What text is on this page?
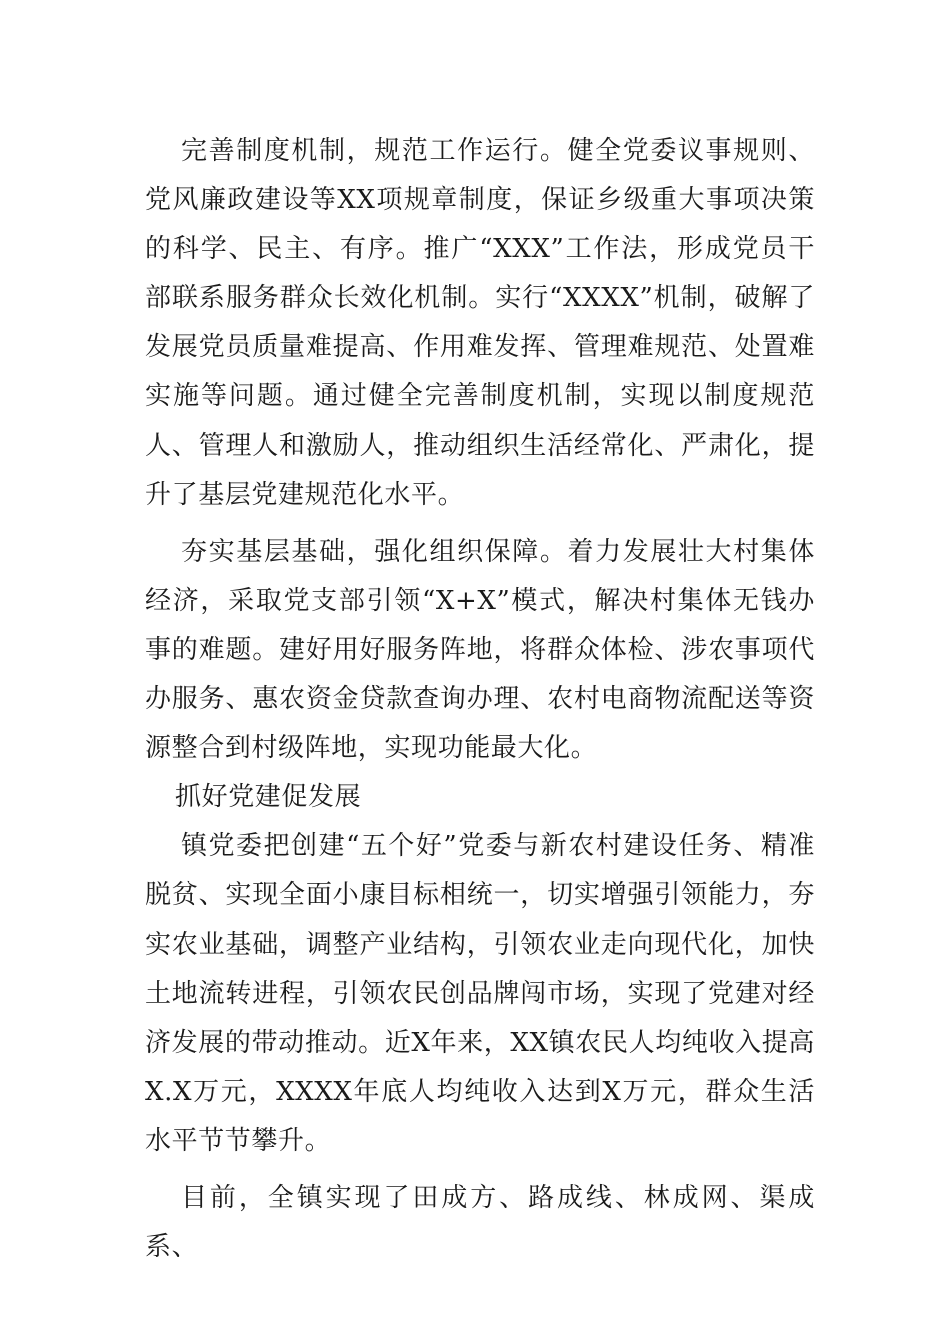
完善制度机制，规范工作运行。健全党委议事规则、党风廉政建设等XX项规章制度，保证乡级重大事项决策的科学、民主、有序。推广“XXX”工作法，形成党员干部联系服务群众长效化机制。实行“XXXX”机制，破解了发展党员质量难提高、作用难发挥、管理难规范、处置难实施等问题。通过健全完善制度机制，实现以制度规范人、管理人和激励人，推动组织生活经常化、严肃化，提升了基层党建规范化水平。

夯实基层基础，强化组织保障。着力发展壮大村集体经济，采取党支部引领“X+X”模式，解决村集体无钱办事的难题。建好用好服务阵地，将群众体检、涉农事项代办服务、惠农资金贷款查询办理、农村电商物流配送等资源整合到村级阵地，实现功能最大化。

抓好党建促发展

镇党委把创建“五个好”党委与新农村建设任务、精准脱贫、实现全面小康目标相统一，切实增强引领能力，夯实农业基础，调整产业结构，引领农业走向现代化，加快土地流转进程，引领农民创品牌闯市场，实现了党建对经济发展的带动推动。近X年来，XX镇农民人均纯收入提高X.X万元，XXXX年底人均纯收入达到X万元，群众生活水平节节攀升。

目前，全镇实现了田成方、路成线、林成网、渠成系、
